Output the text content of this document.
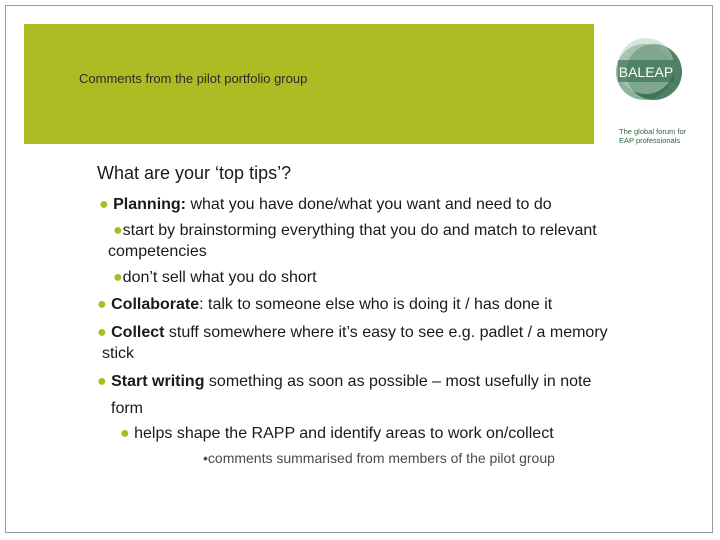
Comments from the pilot portfolio group	BALEAP
The global forum for
EAP professionals
What are your ‘top tips’?
● Planning: what you have done/what you want and need to do
●start by brainstorming everything that you do and match to relevant
competencies
●don’t sell what you do short
● Collaborate: talk to someone else who is doing it / has done it
● Collect stuff somewhere where it’s easy to see e.g. padlet / a memory
stick
● Start writing something as soon as possible – most usefully in note
form
● helps shape the RAPP and identify areas to work on/collect
•comments summarised from members of the pilot group
